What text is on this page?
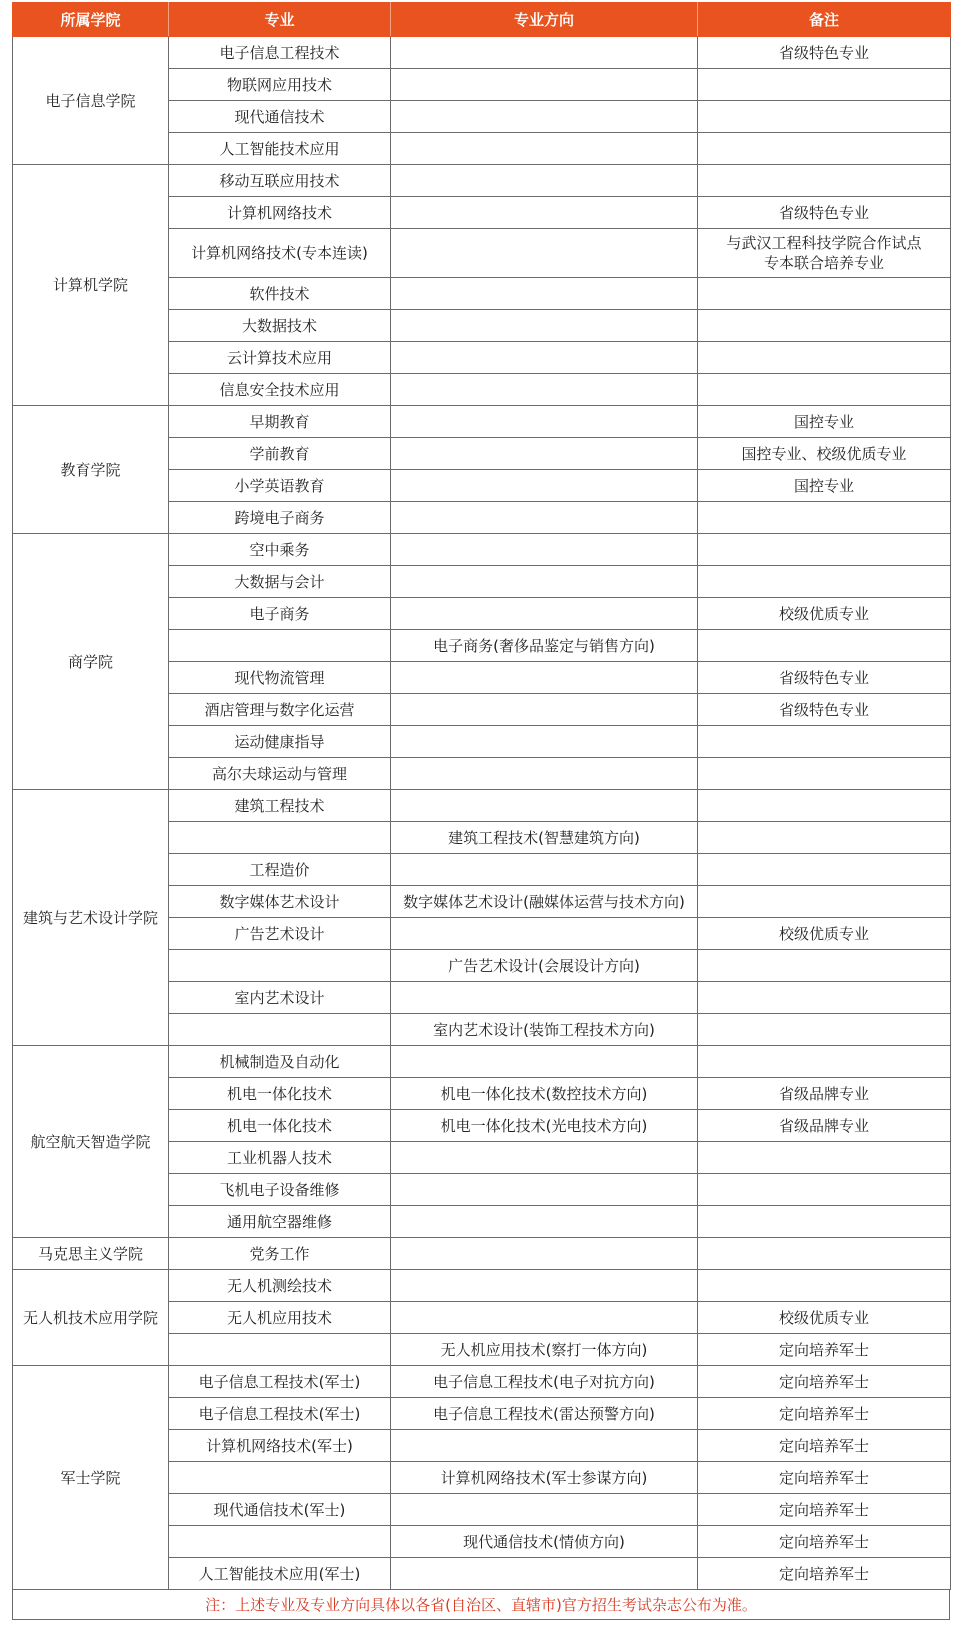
所属学院	专业	专业方向	备注
电子信息学院	电子信息工程技术		省级特色专业
	物联网应用技术		
	现代通信技术		
	人工智能技术应用		
计算机学院	移动互联应用技术		
	计算机网络技术		省级特色专业
	计算机网络技术(专本连读)		与武汉工程科技学院合作试点
专本联合培养专业

	软件技术		
	大数据技术		
	云计算技术应用		
	信息安全技术应用		
教育学院	早期教育		国控专业
	学前教育		国控专业、校级优质专业
	小学英语教育		国控专业
	跨境电子商务		
商学院	空中乘务		
	大数据与会计		
	电子商务		校级优质专业
		电子商务(奢侈品鉴定与销售方向)	
	现代物流管理		省级特色专业
	酒店管理与数字化运营		省级特色专业
	运动健康指导		
	高尔夫球运动与管理		
建筑与艺术设计学院	建筑工程技术		
		建筑工程技术(智慧建筑方向)	
	工程造价		
	数字媒体艺术设计	数字媒体艺术设计(融媒体运营与技术方向)	
	广告艺术设计		校级优质专业
		广告艺术设计(会展设计方向)	
	室内艺术设计		
		室内艺术设计(装饰工程技术方向)	
航空航天智造学院	机械制造及自动化		
	机电一体化技术	机电一体化技术(数控技术方向)	省级品牌专业
	机电一体化技术	机电一体化技术(光电技术方向)	省级品牌专业
	工业机器人技术		
	飞机电子设备维修		
	通用航空器维修		
马克思主义学院	党务工作		
无人机技术应用学院	无人机测绘技术		
	无人机应用技术		校级优质专业
		无人机应用技术(察打一体方向)	定向培养军士
军士学院	电子信息工程技术(军士)	电子信息工程技术(电子对抗方向)	定向培养军士
	电子信息工程技术(军士)	电子信息工程技术(雷达预警方向)	定向培养军士
	计算机网络技术(军士)		定向培养军士
		计算机网络技术(军士参谋方向)	定向培养军士
	现代通信技术(军士)		定向培养军士
		现代通信技术(情侦方向)	定向培养军士
	人工智能技术应用(军士)		定向培养军士
注：上述专业及专业方向具体以各省(自治区、直辖市)官方招生考试杂志公布为准。
